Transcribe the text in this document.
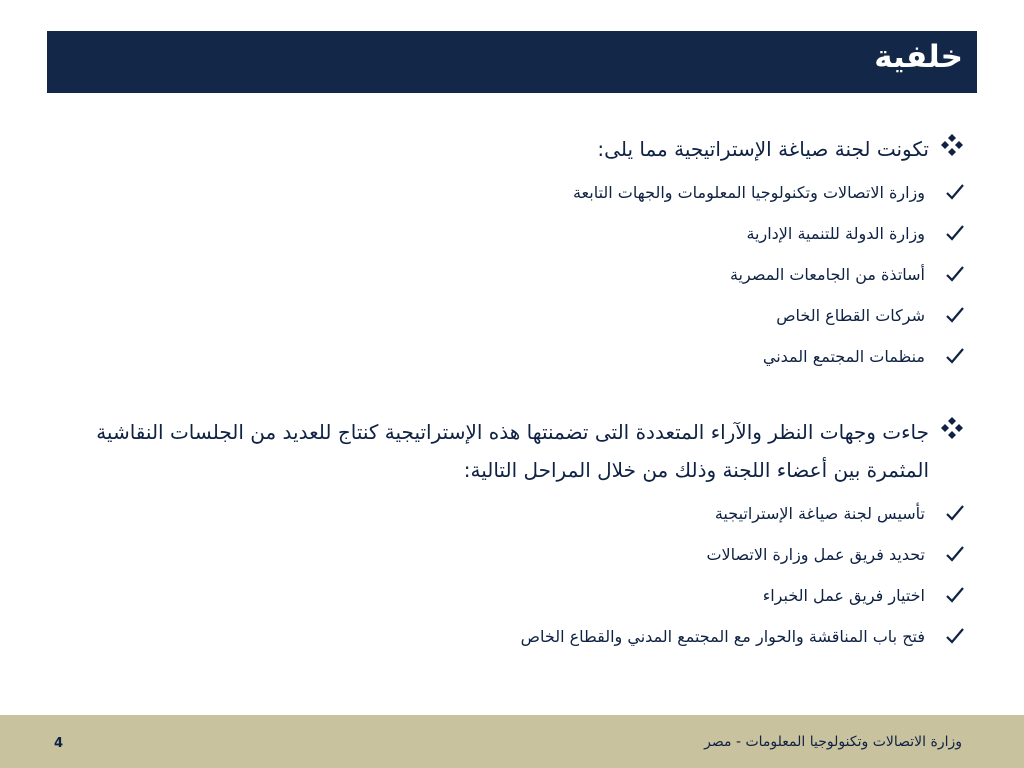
خلفية
تكونت لجنة صياغة الإستراتيجية مما يلى:
وزارة الاتصالات وتكنولوجيا المعلومات والجهات التابعة
وزارة الدولة للتنمية الإدارية
أساتذة من الجامعات المصرية
شركات القطاع الخاص
منظمات المجتمع المدني
جاءت وجهات النظر والآراء المتعددة التى تضمنتها هذه الإستراتيجية كنتاج للعديد من الجلسات النقاشية المثمرة بين أعضاء اللجنة وذلك من خلال المراحل التالية:
تأسيس لجنة صياغة الإستراتيجية
تحديد فريق عمل وزارة الاتصالات
اختيار فريق عمل الخبراء
فتح باب المناقشة والحوار مع المجتمع المدني والقطاع الخاص
4	وزارة الاتصالات وتكنولوجيا المعلومات - مصر
